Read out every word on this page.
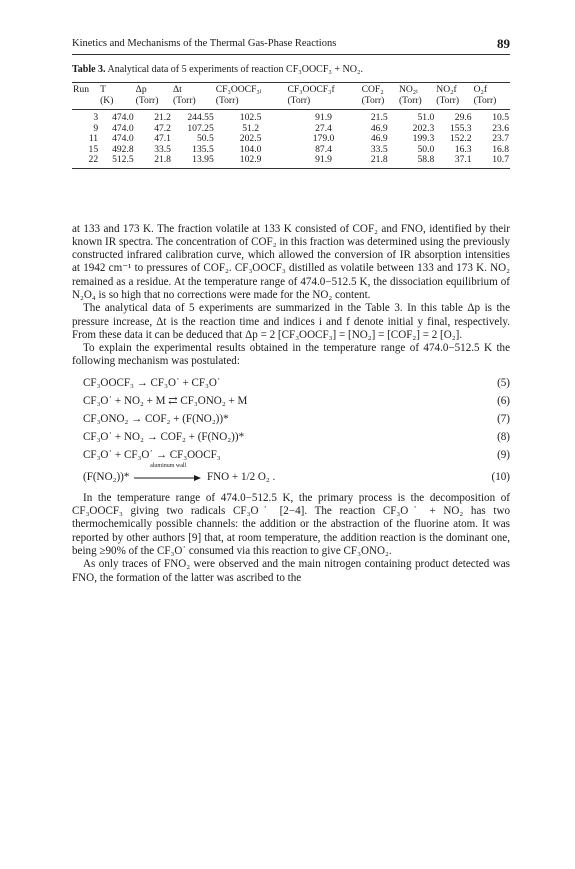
Kinetics and Mechanisms of the Thermal Gas-Phase Reactions	89
Table 3. Analytical data of 5 experiments of reaction CF₃OOCF₃ + NO₂.
Run	T	Δp	Δt	CF₃OOCF₃ᵢ	CF₃OOCF₃f	COF₂	NO₂ᵢ	NO₂f	O₂f
	(K)	(Torr)	(Torr)	(Torr)	(Torr)	(Torr)	(Torr)	(Torr)	(Torr)
3	474.0	21.2	244.55	102.5	91.9	21.5	51.0	29.6	10.5
9	474.0	47.2	107.25	51.2	27.4	46.9	202.3	155.3	23.6
11	474.0	47.1	50.5	202.5	179.0	46.9	199.3	152.2	23.7
15	492.8	33.5	135.5	104.0	87.4	33.5	50.0	16.3	16.8
22	512.5	21.8	13.95	102.9	91.9	21.8	58.8	37.1	10.7

at 133 and 173 K. The fraction volatile at 133 K consisted of COF₂ and FNO, identified by their known IR spectra. The concentration of COF₂ in this fraction was determined using the previously constructed infrared calibration curve, which allowed the conversion of IR absorption intensities at 1942 cm⁻¹ to pressures of COF₂. CF₃OOCF₃ distilled as volatile between 133 and 173 K. NO₂ remained as a residue. At the temperature range of 474.0−512.5 K, the dissociation equilibrium of N₂O₄ is so high that no corrections were made for the NO₂ content.

The analytical data of 5 experiments are summarized in the Table 3. In this table Δp is the pressure increase, Δt is the reaction time and indices i and f denote initial y final, respectively. From these data it can be deduced that Δp = 2 [CF₃OOCF₃] = [NO₂] = [COF₂] = 2 [O₂].

To explain the experimental results obtained in the temperature range of 474.0−512.5 K the following mechanism was postulated:

CF₃OOCF₃ → CF₃O˙ + CF₃O˙	(5)
CF₃O˙ + NO₂ + M ⇄ CF₃ONO₂ + M	(6)
CF₃ONO₂ → COF₂ + (F(NO₂))*	(7)
CF₃O˙ + NO₂ → COF₂ + (F(NO₂))*	(8)
CF₃O˙ + CF₃O˙ → CF₃OOCF₃	(9)
(F(NO₂))*
aluminum wall
FNO + 1/2 O₂ .	(10)

In the temperature range of 474.0−512.5 K, the primary process is the decomposition of CF₃OOCF₃ giving two radicals CF₃O˙ [2−4]. The reaction CF₃O˙ + NO₂ has two thermochemically possible channels: the addition or the abstraction of the fluorine atom. It was reported by other authors [9] that, at room temperature, the addition reaction is the dominant one, being ≥90% of the CF₃O˙ consumed via this reaction to give CF₃ONO₂.

As only traces of FNO₂ were observed and the main nitrogen containing product detected was FNO, the formation of the latter was ascribed to the
